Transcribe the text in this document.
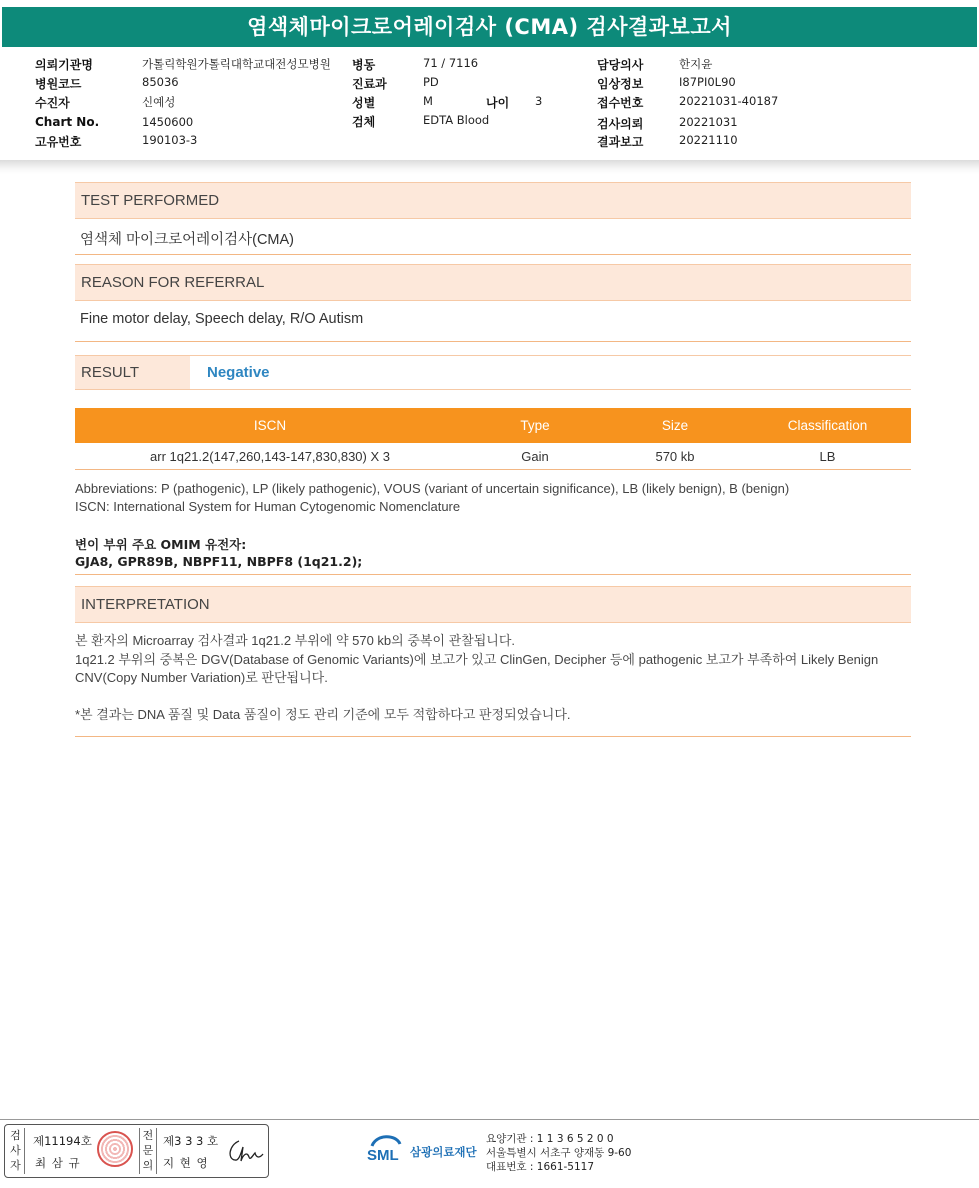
염색체마이크로어레이검사 (CMA) 검사결과보고서
의뢰기관명	가톨릭학원가톨릭대학교대전성모병원
병원코드	85036
수진자	신예성
Chart No.	1450600
고유번호	190103-3
병동	71 / 7116
진료과	PD
성별	M	나이 3
검체	EDTA Blood
담당의사	한지윤
임상정보	I87PI0L90
접수번호	20221031-40187
검사의뢰	20221031
결과보고	20221110
TEST PERFORMED
염색체 마이크로어레이검사(CMA)
REASON FOR REFERRAL
Fine motor delay, Speech delay, R/O Autism
RESULT	Negative
ISCN	Type	Size	Classification
arr 1q21.2(147,260,143-147,830,830) X 3	Gain	570 kb	LB
Abbreviations: P (pathogenic), LP (likely pathogenic), VOUS (variant of uncertain significance), LB (likely benign), B (benign)
ISCN: International System for Human Cytogenomic Nomenclature
변이 부위 주요 OMIM 유전자:
GJA8, GPR89B, NBPF11, NBPF8 (1q21.2);
INTERPRETATION

본 환자의 Microarray 검사결과 1q21.2 부위에 약 570 kb의 중복이 관찰됩니다.

1q21.2 부위의 중복은 DGV(Database of Genomic Variants)에 보고가 있고 ClinGen, Decipher 등에 pathogenic 보고가 부족하여 Likely Benign CNV(Copy Number Variation)로 판단됩니다.

*본 결과는 DNA 품질 및 Data 품질이 정도 관리 기준에 모두 적합하다고 판정되었습니다.

검사자
제11194호
최 삼 규
전문의
제3 3 3 호
지 현 영	SML 삼광의료재단
요양기관 : 1 1 3 6 5 2 0 0
서울특별시 서초구 양재동 9-60
대표번호 : 1661-5117
